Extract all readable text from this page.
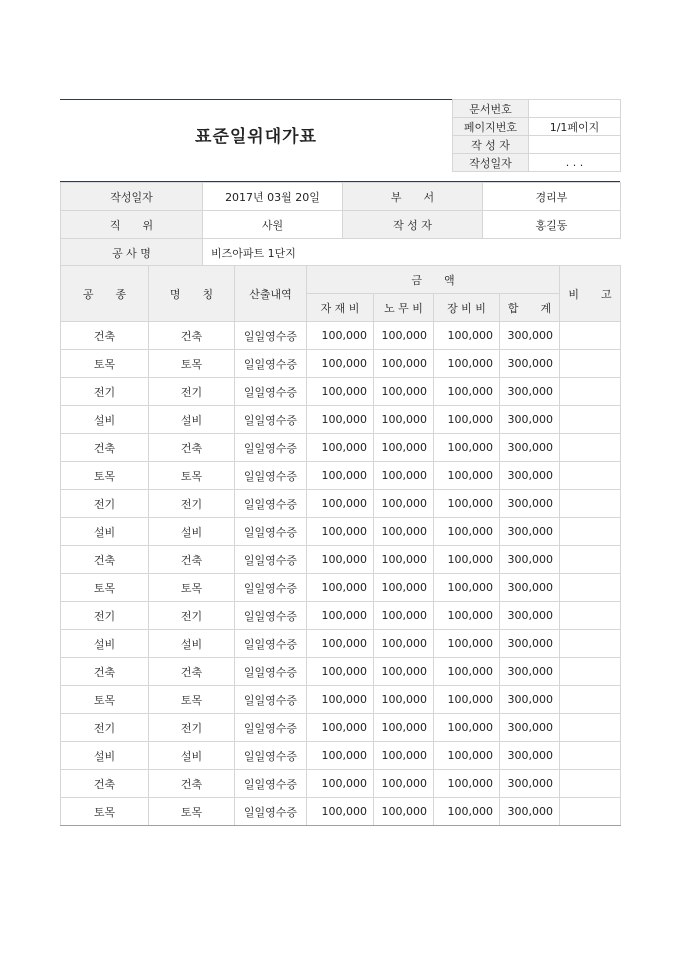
표준일위대가표
문서번호	
페이지번호	1/1페이지
작 성 자	
작성일자	. . .
작성일자	2017년 03월 20일	부　　서	경리부
직　　위	사원	작 성 자	홍길동
공 사 명	비즈아파트 1단지		
공　　종	명　　칭	산출내역	금　　액				비　　고
			자 재 비	노 무 비	장 비 비	합　　계	
건축	건축	일일영수증	100,000	100,000	100,000	300,000	
토목	토목	일일영수증	100,000	100,000	100,000	300,000	
전기	전기	일일영수증	100,000	100,000	100,000	300,000	
설비	설비	일일영수증	100,000	100,000	100,000	300,000	
건축	건축	일일영수증	100,000	100,000	100,000	300,000	
토목	토목	일일영수증	100,000	100,000	100,000	300,000	
전기	전기	일일영수증	100,000	100,000	100,000	300,000	
설비	설비	일일영수증	100,000	100,000	100,000	300,000	
건축	건축	일일영수증	100,000	100,000	100,000	300,000	
토목	토목	일일영수증	100,000	100,000	100,000	300,000	
전기	전기	일일영수증	100,000	100,000	100,000	300,000	
설비	설비	일일영수증	100,000	100,000	100,000	300,000	
건축	건축	일일영수증	100,000	100,000	100,000	300,000	
토목	토목	일일영수증	100,000	100,000	100,000	300,000	
전기	전기	일일영수증	100,000	100,000	100,000	300,000	
설비	설비	일일영수증	100,000	100,000	100,000	300,000	
건축	건축	일일영수증	100,000	100,000	100,000	300,000	
토목	토목	일일영수증	100,000	100,000	100,000	300,000	
